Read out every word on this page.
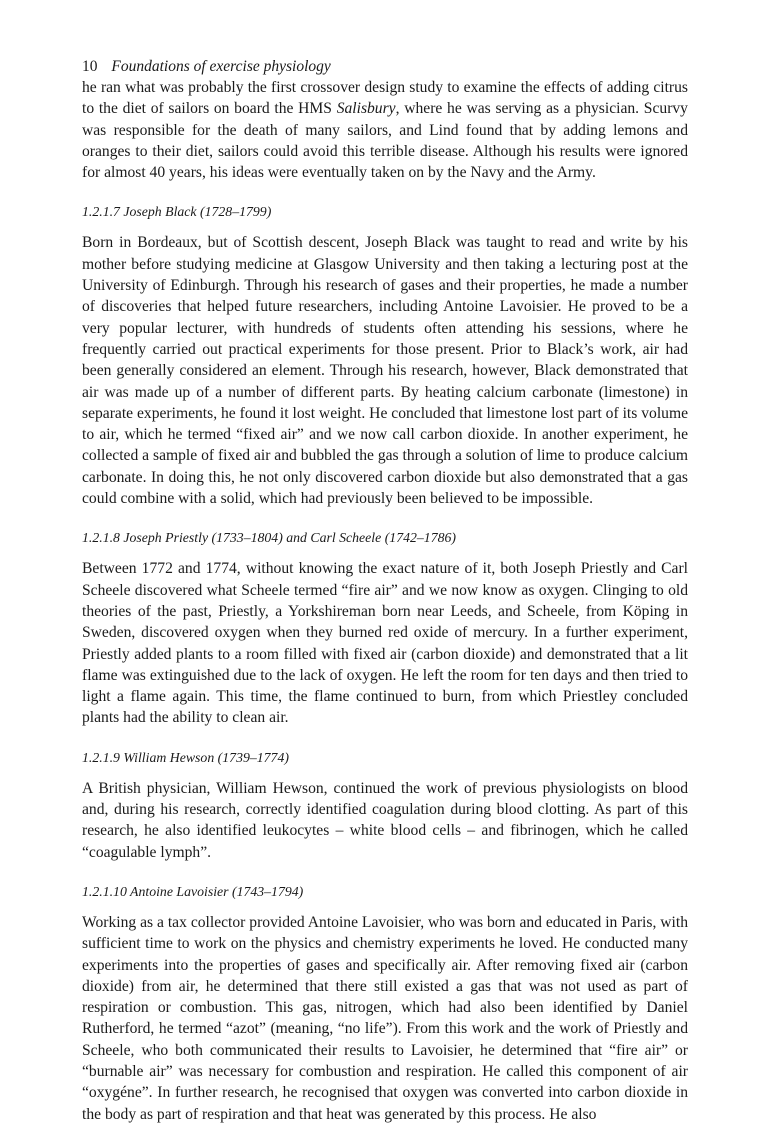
10 Foundations of exercise physiology

he ran what was probably the first crossover design study to examine the effects of adding citrus to the diet of sailors on board the HMS Salisbury, where he was serving as a physician. Scurvy was responsible for the death of many sailors, and Lind found that by adding lemons and oranges to their diet, sailors could avoid this terrible disease. Although his results were ignored for almost 40 years, his ideas were eventually taken on by the Navy and the Army.

1.2.1.7 Joseph Black (1728–1799)

Born in Bordeaux, but of Scottish descent, Joseph Black was taught to read and write by his mother before studying medicine at Glasgow University and then taking a lecturing post at the University of Edinburgh. Through his research of gases and their properties, he made a number of discoveries that helped future researchers, including Antoine Lavoisier. He proved to be a very popular lecturer, with hundreds of students often attending his sessions, where he frequently carried out practical experiments for those present. Prior to Black’s work, air had been generally considered an element. Through his research, however, Black demonstrated that air was made up of a number of different parts. By heating calcium carbonate (limestone) in separate experiments, he found it lost weight. He concluded that limestone lost part of its volume to air, which he termed “fixed air” and we now call carbon dioxide. In another experiment, he collected a sample of fixed air and bubbled the gas through a solution of lime to produce calcium carbonate. In doing this, he not only discovered carbon dioxide but also demonstrated that a gas could combine with a solid, which had previously been believed to be impossible.

1.2.1.8 Joseph Priestly (1733–1804) and Carl Scheele (1742–1786)

Between 1772 and 1774, without knowing the exact nature of it, both Joseph Priestly and Carl Scheele discovered what Scheele termed “fire air” and we now know as oxygen. Clinging to old theories of the past, Priestly, a Yorkshireman born near Leeds, and Scheele, from Köping in Sweden, discovered oxygen when they burned red oxide of mercury. In a further experiment, Priestly added plants to a room filled with fixed air (carbon dioxide) and demonstrated that a lit flame was extinguished due to the lack of oxygen. He left the room for ten days and then tried to light a flame again. This time, the flame continued to burn, from which Priestley concluded plants had the ability to clean air.

1.2.1.9 William Hewson (1739–1774)

A British physician, William Hewson, continued the work of previous physiologists on blood and, during his research, correctly identified coagulation during blood clotting. As part of this research, he also identified leukocytes – white blood cells – and fibrinogen, which he called “coagulable lymph”.

1.2.1.10 Antoine Lavoisier (1743–1794)

Working as a tax collector provided Antoine Lavoisier, who was born and educated in Paris, with sufficient time to work on the physics and chemistry experiments he loved. He conducted many experiments into the properties of gases and specifically air. After removing fixed air (carbon dioxide) from air, he determined that there still existed a gas that was not used as part of respiration or combustion. This gas, nitrogen, which had also been identified by Daniel Rutherford, he termed “azot” (meaning, “no life”). From this work and the work of Priestly and Scheele, who both communicated their results to Lavoisier, he determined that “fire air” or “burnable air” was necessary for combustion and respiration. He called this component of air “oxygéne”. In further research, he recognised that oxygen was converted into carbon dioxide in the body as part of respiration and that heat was generated by this process. He also
